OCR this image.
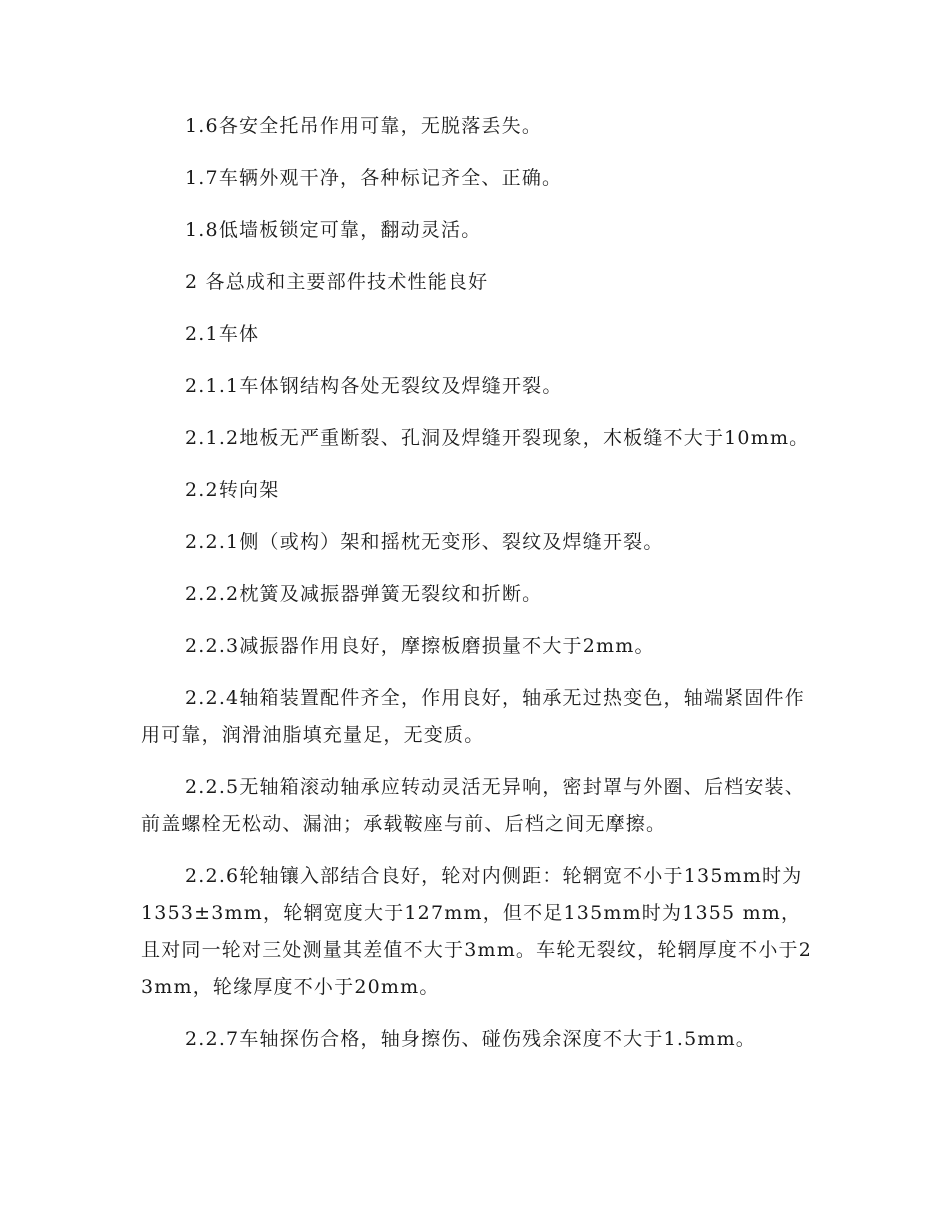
1.6各安全托吊作用可靠，无脱落丢失。

1.7车辆外观干净，各种标记齐全、正确。

1.8低墙板锁定可靠，翻动灵活。

2 各总成和主要部件技术性能良好

2.1车体

2.1.1车体钢结构各处无裂纹及焊缝开裂。

2.1.2地板无严重断裂、孔洞及焊缝开裂现象，木板缝不大于10mm。

2.2转向架

2.2.1侧（或构）架和摇枕无变形、裂纹及焊缝开裂。

2.2.2枕簧及减振器弹簧无裂纹和折断。

2.2.3减振器作用良好，摩擦板磨损量不大于2mm。

2.2.4轴箱装置配件齐全，作用良好，轴承无过热变色，轴端紧固件作用可靠，润滑油脂填充量足，无变质。

2.2.5无轴箱滚动轴承应转动灵活无异响，密封罩与外圈、后档安装、前盖螺栓无松动、漏油；承载鞍座与前、后档之间无摩擦。

2.2.6轮轴镶入部结合良好，轮对内侧距：轮辋宽不小于135mm时为1353±3mm，轮辋宽度大于127mm，但不足135mm时为1355 mm，且对同一轮对三处测量其差值不大于3mm。车轮无裂纹，轮辋厚度不小于23mm，轮缘厚度不小于20mm。

2.2.7车轴探伤合格，轴身擦伤、碰伤残余深度不大于1.5mm。
